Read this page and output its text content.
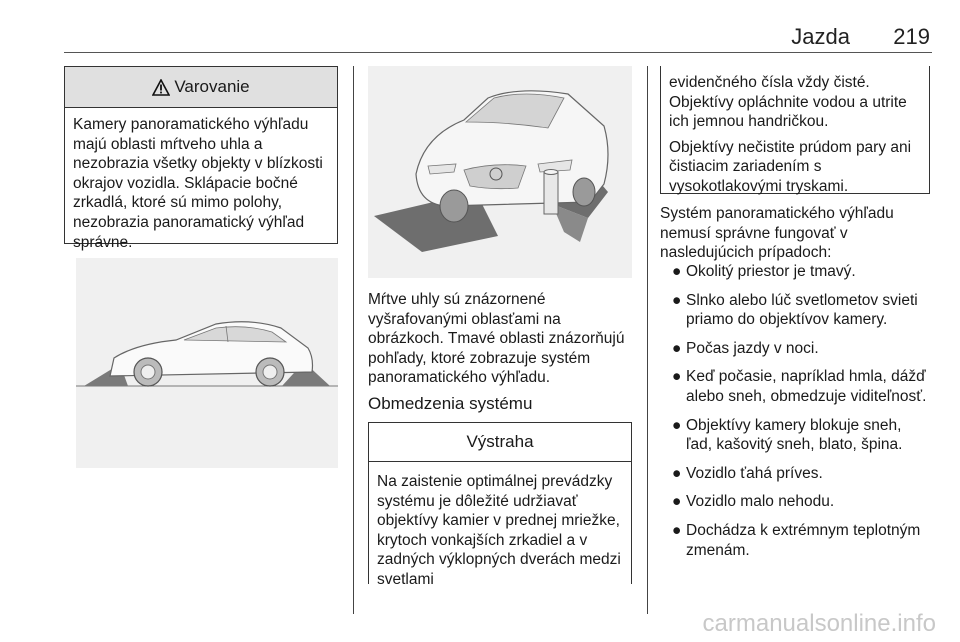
Jazda 219
Varovanie
Kamery panoramatického výhľadu majú oblasti mŕtveho uhla a nezobrazia všetky objekty v blízkosti okrajov vozidla. Sklápacie bočné zrkadlá, ktoré sú mimo polohy, nezobrazia panoramatický výhľad správne.
Mŕtve uhly sú znázornené vyšrafovanými oblasťami na obrázkoch. Tmavé oblasti znázorňujú pohľady, ktoré zobrazuje systém panoramatického výhľadu.
Obmedzenia systému
Výstraha
Na zaistenie optimálnej prevádzky systému je dôležité udržiavať objektívy kamier v prednej mriežke, krytoch vonkajších zrkadiel a v zadných výklopných dverách medzi svetlami

evidenčného čísla vždy čisté. Objektívy opláchnite vodou a utrite ich jemnou handričkou.

Objektívy nečistite prúdom pary ani čistiacim zariadením s vysokotlakovými tryskami.

Systém panoramatického výhľadu nemusí správne fungovať v nasledujúcich prípadoch:
● Okolitý priestor je tmavý.
● Slnko alebo lúč svetlometov svieti priamo do objektívov kamery.
● Počas jazdy v noci.
● Keď počasie, napríklad hmla, dážď alebo sneh, obmedzuje viditeľnosť.
● Objektívy kamery blokuje sneh, ľad, kašovitý sneh, blato, špina.
● Vozidlo ťahá príves.
● Vozidlo malo nehodu.
● Dochádza k extrémnym teplotným zmenám.
carmanualsonline.info
